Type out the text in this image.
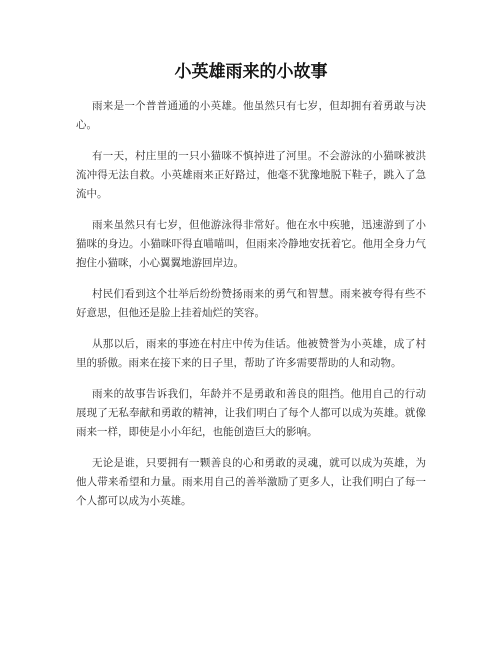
小英雄雨来的小故事

雨来是一个普普通通的小英雄。他虽然只有七岁，但却拥有着勇敢与决心。

有一天，村庄里的一只小猫咪不慎掉进了河里。不会游泳的小猫咪被洪流冲得无法自救。小英雄雨来正好路过，他毫不犹豫地脱下鞋子，跳入了急流中。

雨来虽然只有七岁，但他游泳得非常好。他在水中疾驰，迅速游到了小猫咪的身边。小猫咪吓得直喵喵叫，但雨来冷静地安抚着它。他用全身力气抱住小猫咪，小心翼翼地游回岸边。

村民们看到这个壮举后纷纷赞扬雨来的勇气和智慧。雨来被夸得有些不好意思，但他还是脸上挂着灿烂的笑容。

从那以后，雨来的事迹在村庄中传为佳话。他被赞誉为小英雄，成了村里的骄傲。雨来在接下来的日子里，帮助了许多需要帮助的人和动物。

雨来的故事告诉我们，年龄并不是勇敢和善良的阻挡。他用自己的行动展现了无私奉献和勇敢的精神，让我们明白了每个人都可以成为英雄。就像雨来一样，即使是小小年纪，也能创造巨大的影响。

无论是谁，只要拥有一颗善良的心和勇敢的灵魂，就可以成为英雄，为他人带来希望和力量。雨来用自己的善举激励了更多人，让我们明白了每一个人都可以成为小英雄。
